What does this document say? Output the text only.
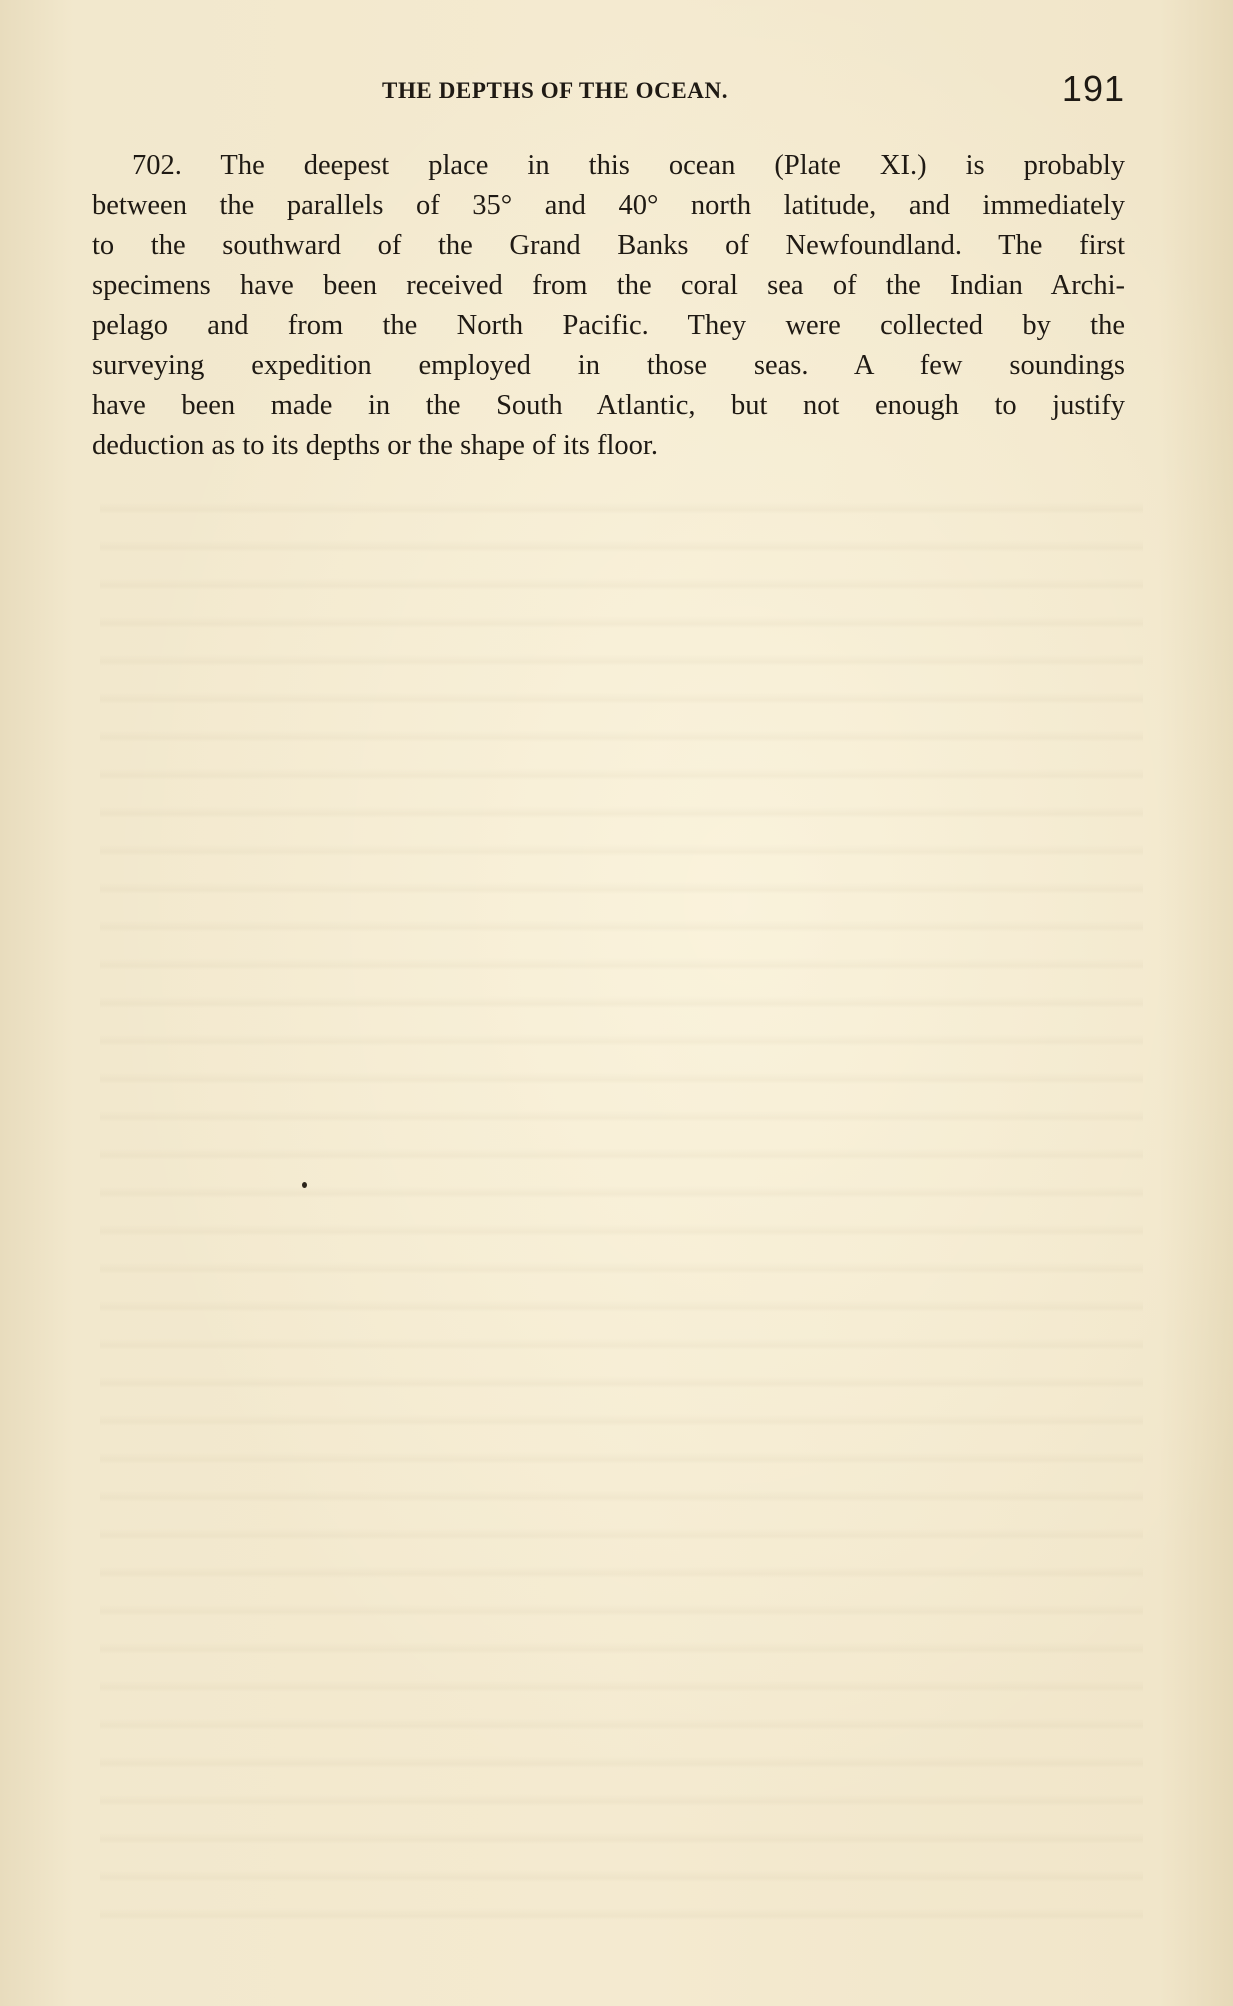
THE DEPTHS OF THE OCEAN.	191

702. The deepest place in this ocean (Plate XI.) is probably
between the parallels of 35° and 40° north latitude, and immediately
to the southward of the Grand Banks of Newfoundland. The first
specimens have been received from the coral sea of the Indian Archi-
pelago and from the North Pacific. They were collected by the
surveying expedition employed in those seas. A few soundings
have been made in the South Atlantic, but not enough to justify
deduction as to its depths or the shape of its floor.
